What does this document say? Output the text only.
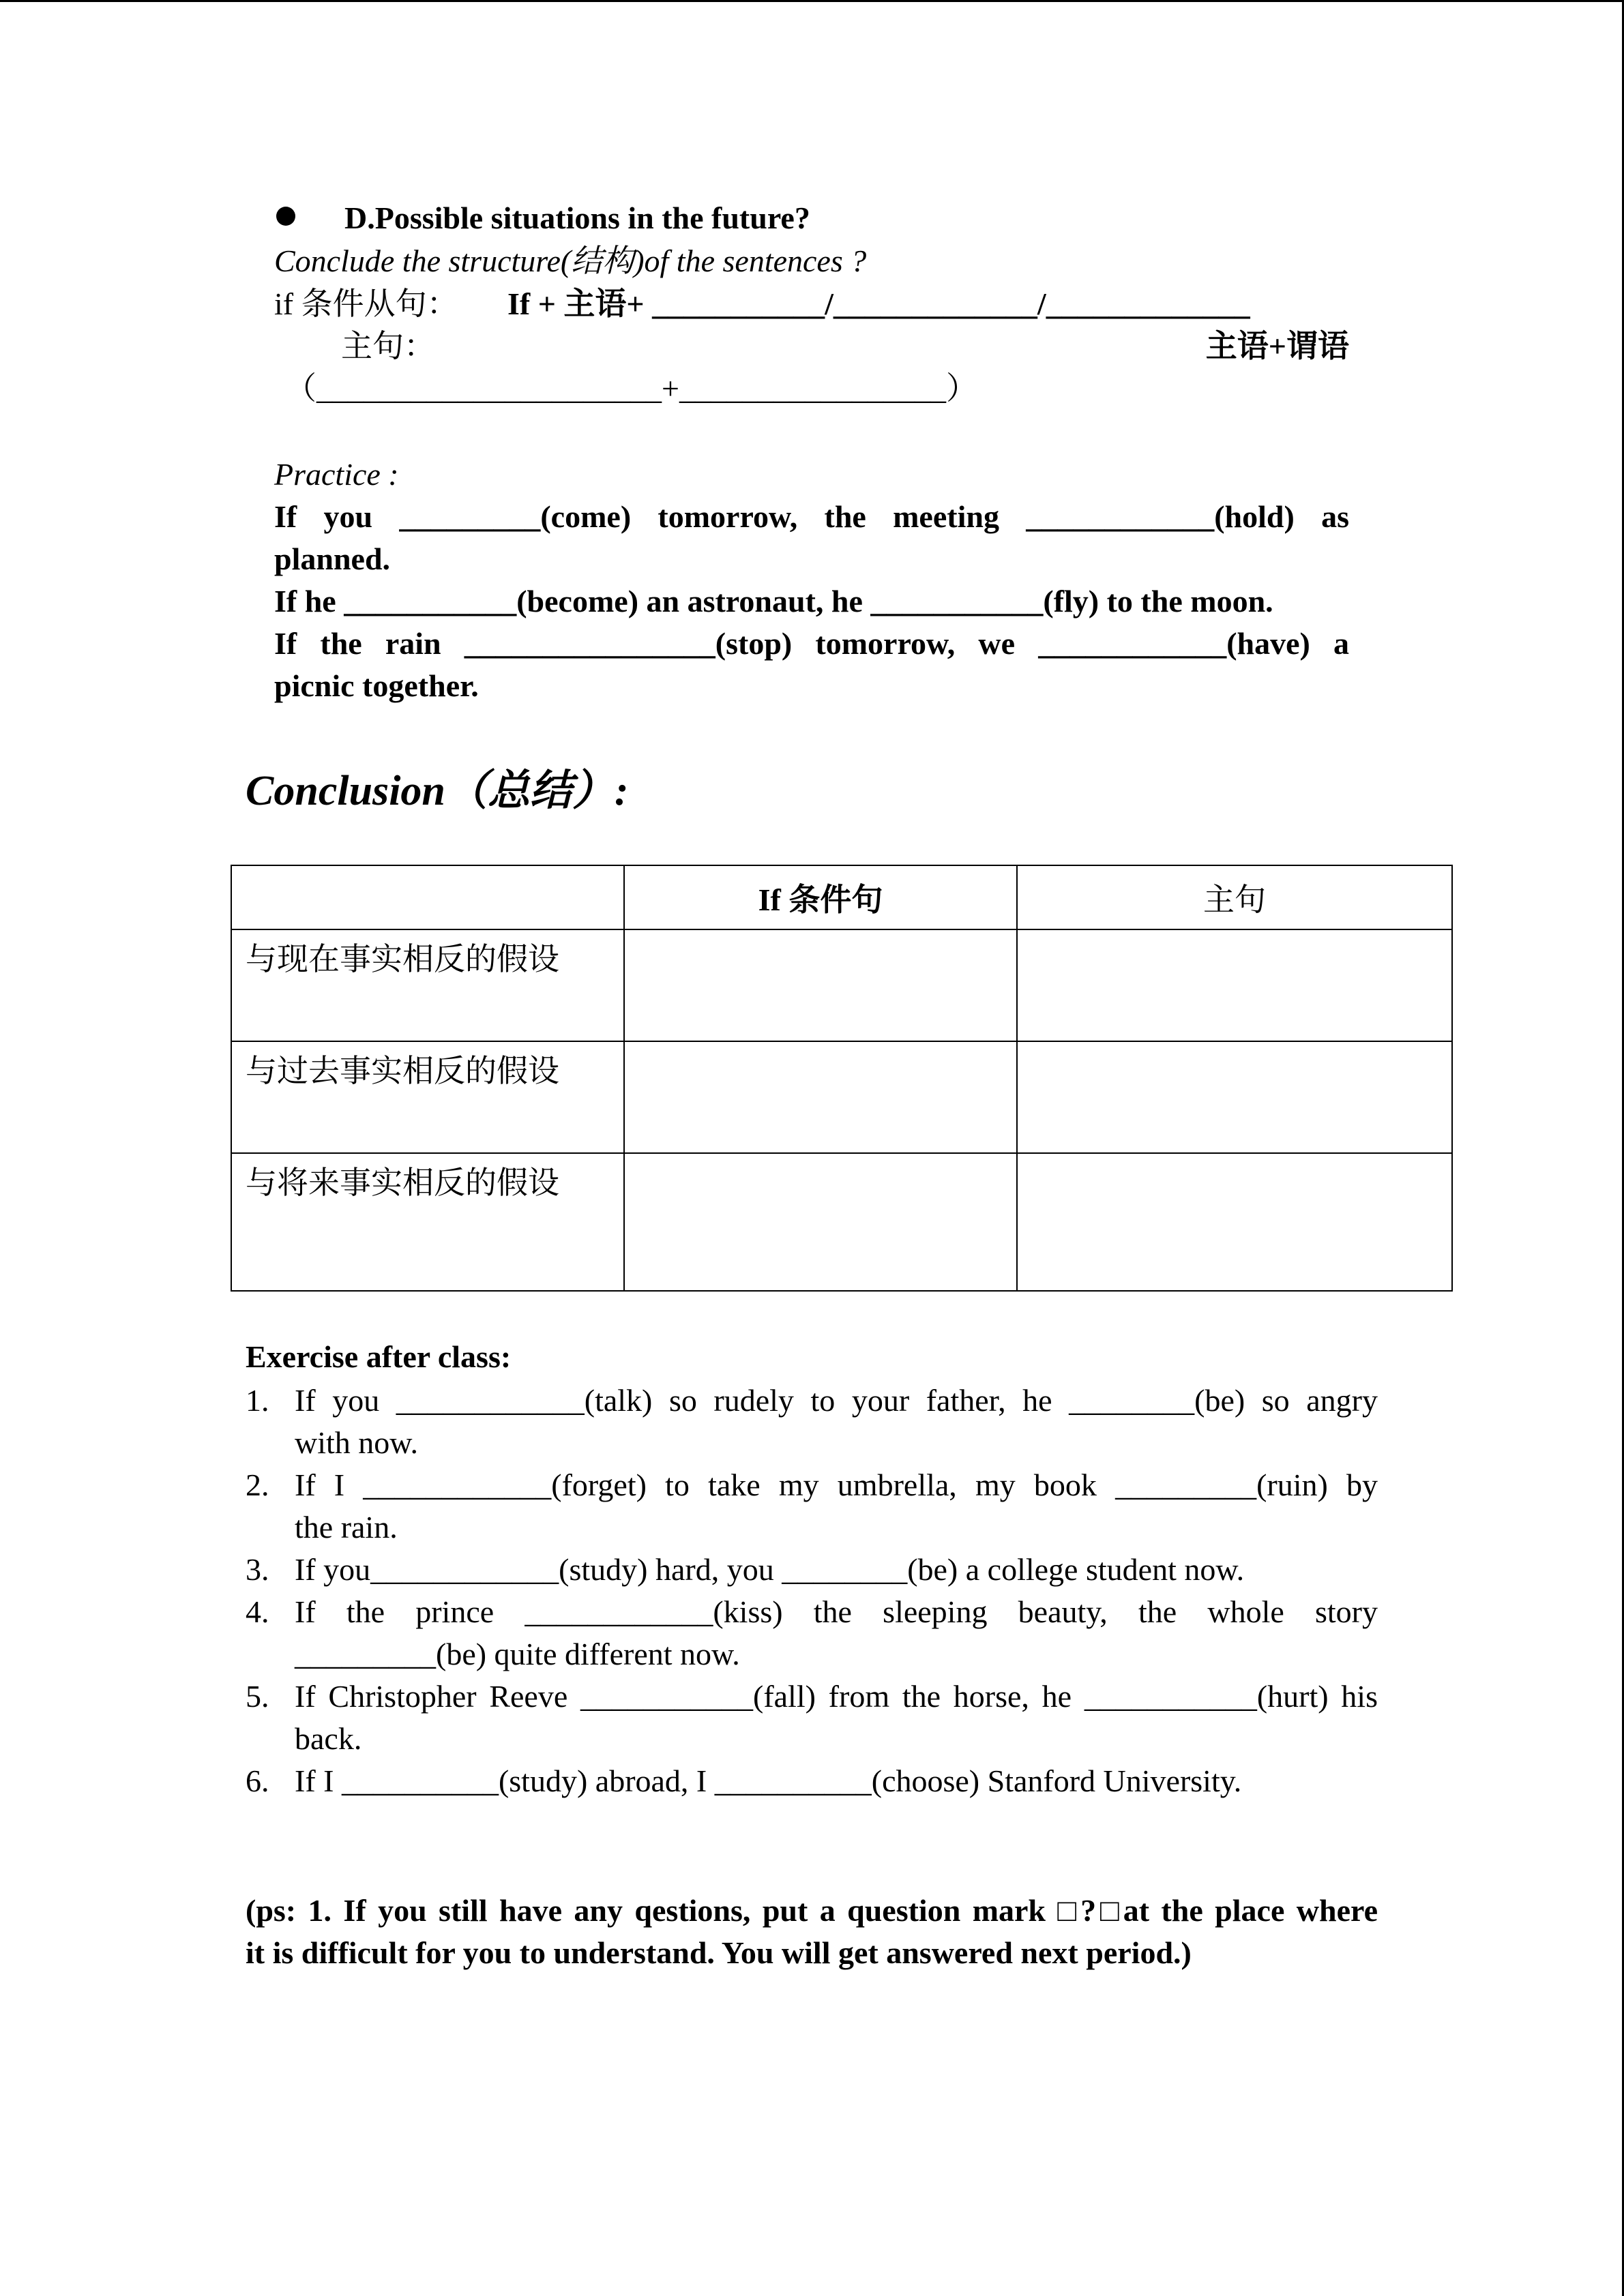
D.Possible situations in the future?
Conclude the structure(结构)of the sentences ?
if 条件从句： If + 主语+ ___________/_____________/_____________
主句：	主语+谓语
（______________________+_________________）
Practice :
If you _________(come) tomorrow, the meeting ____________(hold) as
planned.
If he ___________(become) an astronaut, he ___________(fly) to the moon.
If the rain ________________(stop) tomorrow, we ____________(have) a
picnic together.
Conclusion（总结）:
	If 条件句	主句
与现在事实相反的假设		
与过去事实相反的假设		
与将来事实相反的假设		
Exercise after class:
1. If you ____________(talk) so rudely to your father, he ________(be) so angry
with now.
2. If I ____________(forget) to take my umbrella, my book _________(ruin) by
the rain.
3. If you____________(study) hard, you ________(be) a college student now.
4. If the prince ____________(kiss) the sleeping beauty, the whole story
_________(be) quite different now.
5. If Christopher Reeve ___________(fall) from the horse, he ___________(hurt) his
back.
6. If I __________(study) abroad, I __________(choose) Stanford University.
(ps: 1. If you still have any qestions, put a question mark □?□at the place where
it is difficult for you to understand. You will get answered next period.)
